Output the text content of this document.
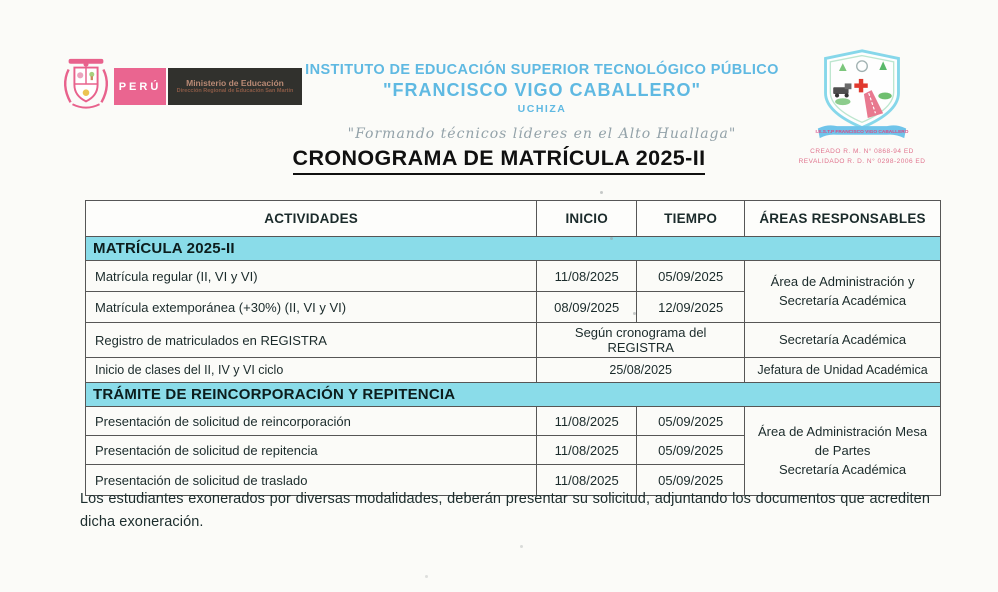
PERÚ	Ministerio de Educación
Dirección Regional de Educación San Martín
INSTITUTO DE EDUCACIÓN SUPERIOR TECNOLÓGICO PÚBLICO
"FRANCISCO VIGO CABALLERO"
UCHIZA
"Formando técnicos líderes en el Alto Huallaga"	I.E.S.T.P FRANCISCO VIGO CABALLERO
CREADO R. M. N° 0868-94 ED
REVALIDADO R. D. N° 0298-2006 ED
CRONOGRAMA DE MATRÍCULA 2025-II
ACTIVIDADES	INICIO	TIEMPO	ÁREAS RESPONSABLES
MATRÍCULA 2025-II			
Matrícula regular (II, VI y VI)	11/08/2025	05/09/2025	Área de Administración y Secretaría Académica
Matrícula extemporánea (+30%) (II, VI y VI)	08/09/2025	12/09/2025	
Registro de matriculados en REGISTRA	Según cronograma del REGISTRA		Secretaría Académica
Inicio de clases del II, IV y VI ciclo	25/08/2025		Jefatura de Unidad Académica
TRÁMITE DE REINCORPORACIÓN Y REPITENCIA			
Presentación de solicitud de reincorporación	11/08/2025	05/09/2025	Área de Administración Mesa de Partes
Secretaría Académica

Presentación de solicitud de repitencia	11/08/2025	05/09/2025	
Presentación de solicitud de traslado	11/08/2025	05/09/2025	

Los estudiantes exonerados por diversas modalidades, deberán presentar su solicitud, adjuntando los documentos que acrediten dicha exoneración.
